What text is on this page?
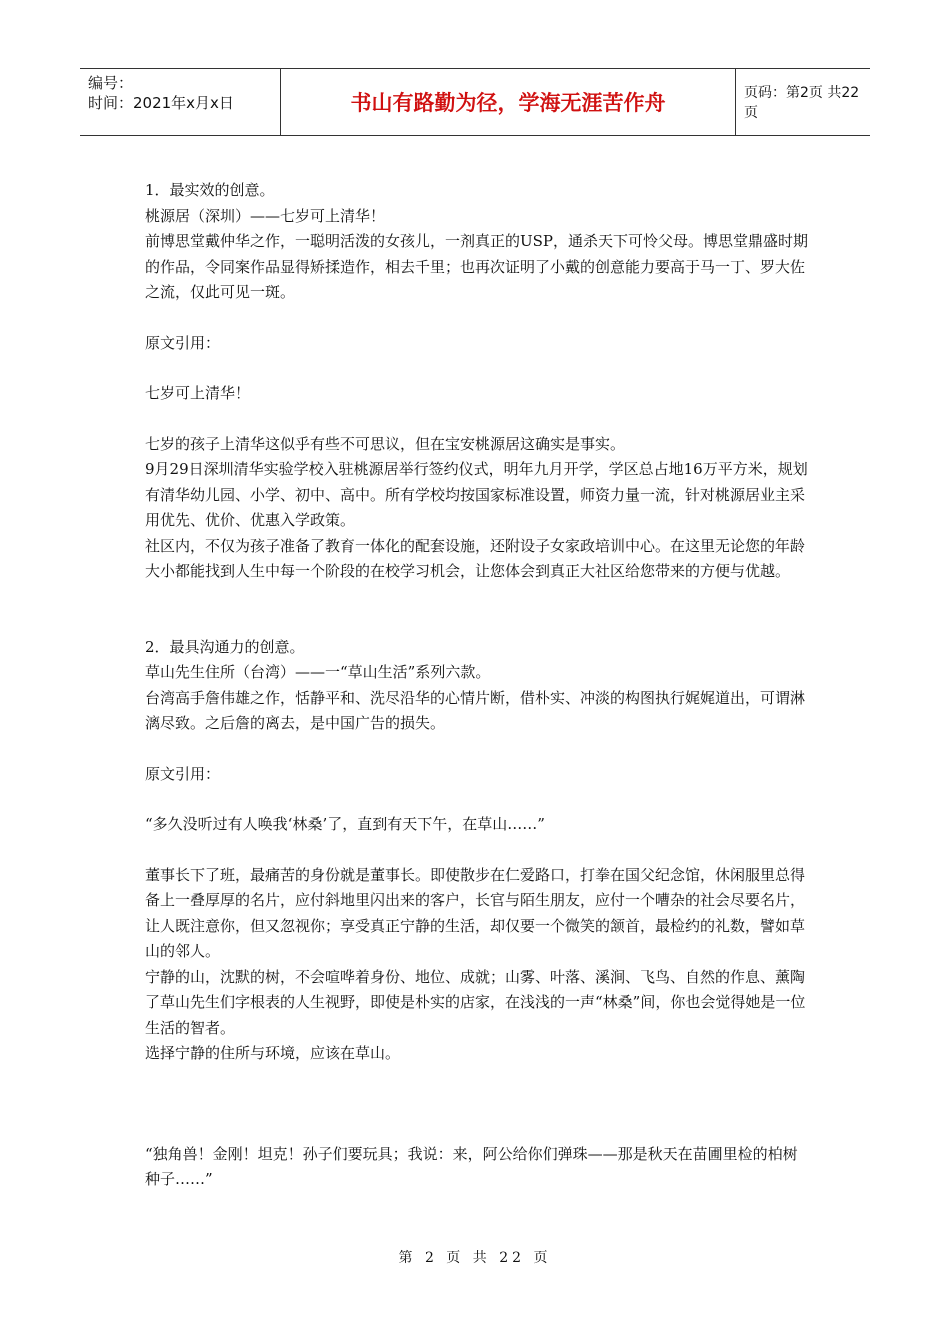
编号：
时间：2021年x月x日	书山有路勤为径，学海无涯苦作舟	页码：第2页 共22页

1．最实效的创意。

桃源居（深圳）——七岁可上清华！

前博思堂戴仲华之作，一聪明活泼的女孩儿，一剂真正的USP，通杀天下可怜父母。博思堂鼎盛时期的作品，令同案作品显得矫揉造作，相去千里；也再次证明了小戴的创意能力要高于马一丁、罗大佐之流，仅此可见一斑。

原文引用：

七岁可上清华！

七岁的孩子上清华这似乎有些不可思议，但在宝安桃源居这确实是事实。

9月29日深圳清华实验学校入驻桃源居举行签约仪式，明年九月开学，学区总占地16万平方米，规划有清华幼儿园、小学、初中、高中。所有学校均按国家标准设置，师资力量一流，针对桃源居业主采用优先、优价、优惠入学政策。

社区内，不仅为孩子准备了教育一体化的配套设施，还附设子女家政培训中心。在这里无论您的年龄大小都能找到人生中每一个阶段的在校学习机会，让您体会到真正大社区给您带来的方便与优越。

2．最具沟通力的创意。

草山先生住所（台湾）——一“草山生活”系列六款。

台湾高手詹伟雄之作，恬静平和、洗尽沿华的心情片断，借朴实、冲淡的构图执行娓娓道出，可谓淋漓尽致。之后詹的离去，是中国广告的损失。

原文引用：

“多久没听过有人唤我‘林桑’了，直到有天下午，在草山……”

董事长下了班，最痛苦的身份就是董事长。即使散步在仁爱路口，打拳在国父纪念馆，休闲服里总得备上一叠厚厚的名片，应付斜地里闪出来的客户，长官与陌生朋友，应付一个嘈杂的社会尽要名片，让人既注意你，但又忽视你；享受真正宁静的生活，却仅要一个微笑的颔首，最检约的礼数，譬如草山的邻人。

宁静的山，沈默的树，不会喧哗着身份、地位、成就；山雾、叶落、溪涧、飞鸟、自然的作息、薰陶了草山先生们字根表的人生视野，即使是朴实的店家，在浅浅的一声“林桑”间，你也会觉得她是一位生活的智者。

选择宁静的住所与环境，应该在草山。

“独角兽！金刚！坦克！孙子们要玩具；我说：来，阿公给你们弹珠——那是秋天在苗圃里检的柏树种子……”

第 2 页 共 22 页
